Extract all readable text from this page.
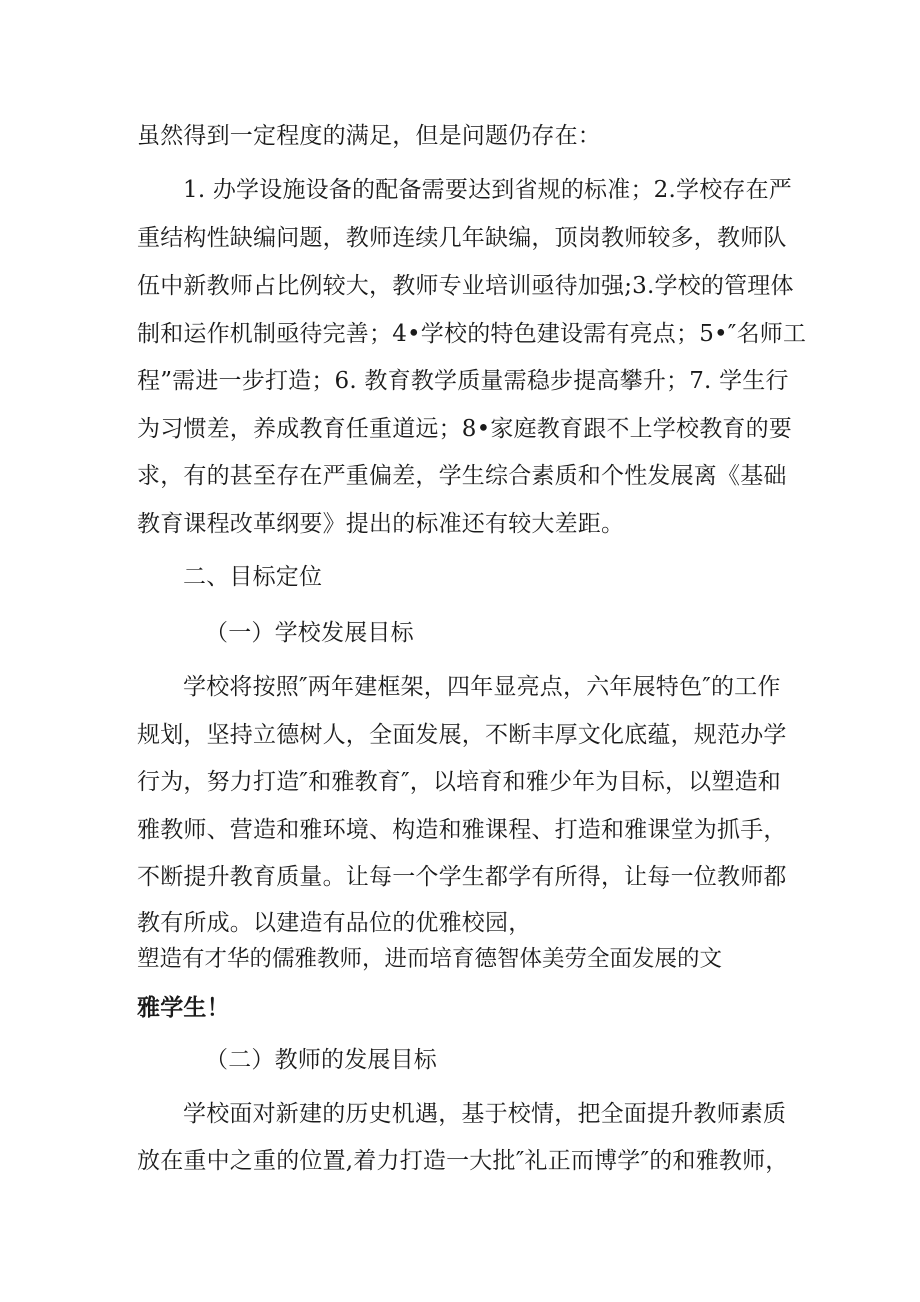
虽然得到一定程度的满足，但是问题仍存在：
1. 办学设施设备的配备需要达到省规的标准；2.学校存在严
重结构性缺编问题，教师连续几年缺编，顶岗教师较多，教师队
伍中新教师占比例较大，教师专业培训亟待加强;3.学校的管理体
制和运作机制亟待完善；4•学校的特色建设需有亮点；5•″名师工
程”需进一步打造；6. 教育教学质量需稳步提高攀升；7. 学生行
为习惯差，养成教育任重道远；8•家庭教育跟不上学校教育的要
求，有的甚至存在严重偏差，学生综合素质和个性发展离《基础
教育课程改革纲要》提出的标准还有较大差距。
二、目标定位
（一）学校发展目标
学校将按照″两年建框架，四年显亮点，六年展特色″的工作
规划，坚持立德树人，全面发展，不断丰厚文化底蕴，规范办学
行为，努力打造″和雅教育″，以培育和雅少年为目标，以塑造和
雅教师、营造和雅环境、构造和雅课程、打造和雅课堂为抓手，
不断提升教育质量。让每一个学生都学有所得，让每一位教师都
教有所成。以建造有品位的优雅校园，
塑造有才华的儒雅教师，进而培育德智体美劳全面发展的文
雅学生！
（二）教师的发展目标
学校面对新建的历史机遇，基于校情，把全面提升教师素质
放在重中之重的位置,着力打造一大批″礼正而博学″的和雅教师，
